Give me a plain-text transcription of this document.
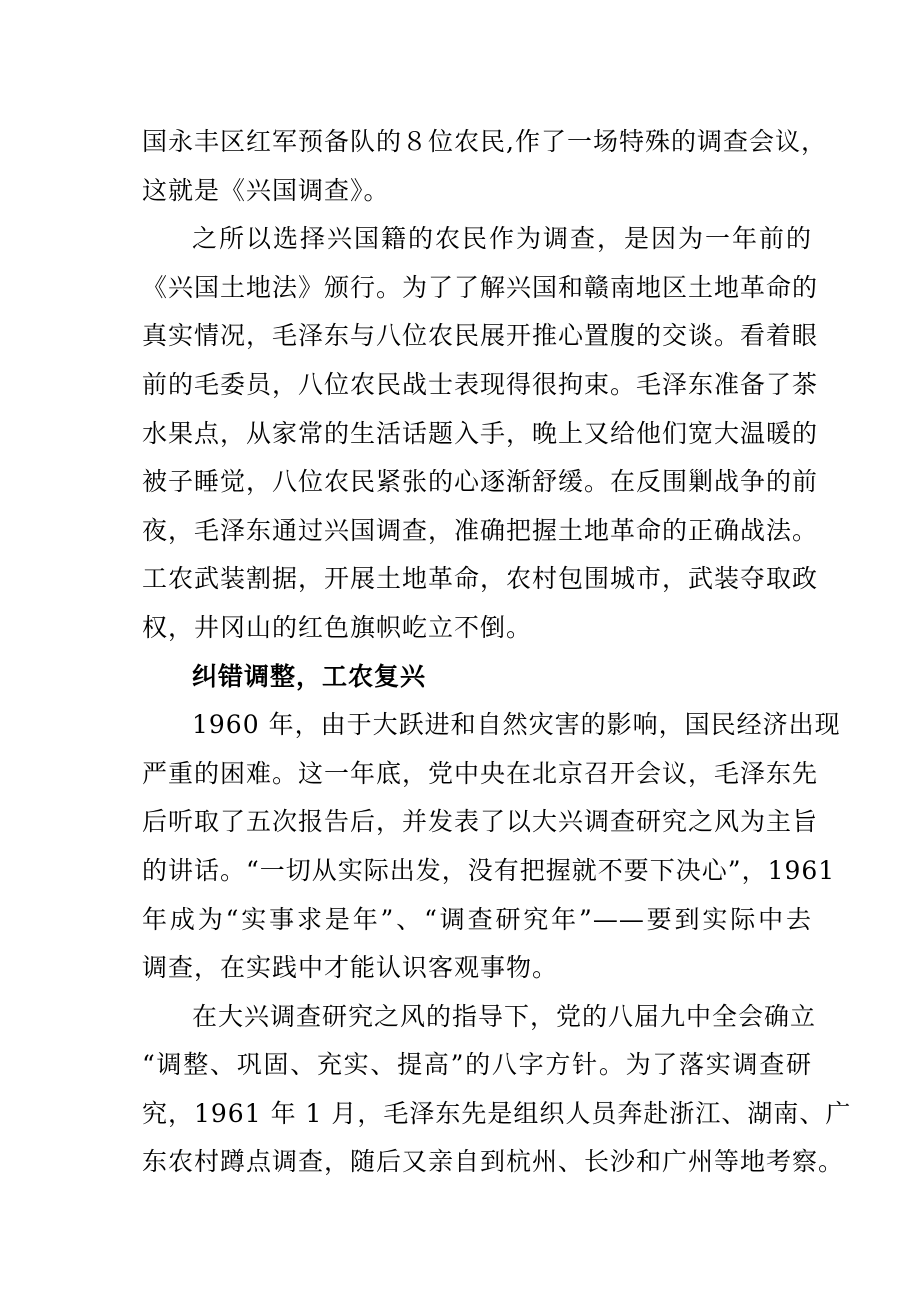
国永丰区红军预备队的８位农民,作了一场特殊的调查会议，
这就是《兴国调查》。
之所以选择兴国籍的农民作为调查，是因为一年前的
《兴国土地法》颁行。为了了解兴国和赣南地区土地革命的
真实情况，毛泽东与八位农民展开推心置腹的交谈。看着眼
前的毛委员，八位农民战士表现得很拘束。毛泽东准备了茶
水果点，从家常的生活话题入手，晚上又给他们宽大温暖的
被子睡觉，八位农民紧张的心逐渐舒缓。在反围剿战争的前
夜，毛泽东通过兴国调查，准确把握土地革命的正确战法。
工农武装割据，开展土地革命，农村包围城市，武装夺取政
权，井冈山的红色旗帜屹立不倒。
纠错调整，工农复兴
1960 年，由于大跃进和自然灾害的影响，国民经济出现
严重的困难。这一年底，党中央在北京召开会议，毛泽东先
后听取了五次报告后，并发表了以大兴调查研究之风为主旨
的讲话。“一切从实际出发，没有把握就不要下决心”，1961
年成为“实事求是年”、“调查研究年”——要到实际中去
调查，在实践中才能认识客观事物。
在大兴调查研究之风的指导下，党的八届九中全会确立
“调整、巩固、充实、提高”的八字方针。为了落实调查研
究，1961 年 1 月，毛泽东先是组织人员奔赴浙江、湖南、广
东农村蹲点调查，随后又亲自到杭州、长沙和广州等地考察。
